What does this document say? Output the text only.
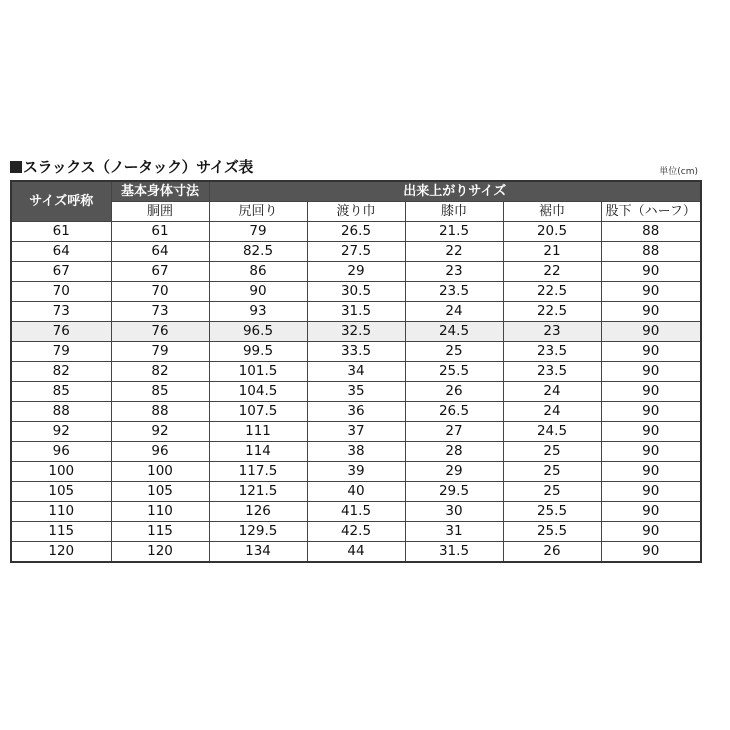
スラックス（ノータック）サイズ表	単位(cm)
サイズ呼称	基本身体寸法	出来上がりサイズ				
	胴囲	尻回り	渡り巾	膝巾	裾巾	股下（ハーフ）
61	61	79	26.5	21.5	20.5	88
64	64	82.5	27.5	22	21	88
67	67	86	29	23	22	90
70	70	90	30.5	23.5	22.5	90
73	73	93	31.5	24	22.5	90
76	76	96.5	32.5	24.5	23	90
79	79	99.5	33.5	25	23.5	90
82	82	101.5	34	25.5	23.5	90
85	85	104.5	35	26	24	90
88	88	107.5	36	26.5	24	90
92	92	111	37	27	24.5	90
96	96	114	38	28	25	90
100	100	117.5	39	29	25	90
105	105	121.5	40	29.5	25	90
110	110	126	41.5	30	25.5	90
115	115	129.5	42.5	31	25.5	90
120	120	134	44	31.5	26	90
